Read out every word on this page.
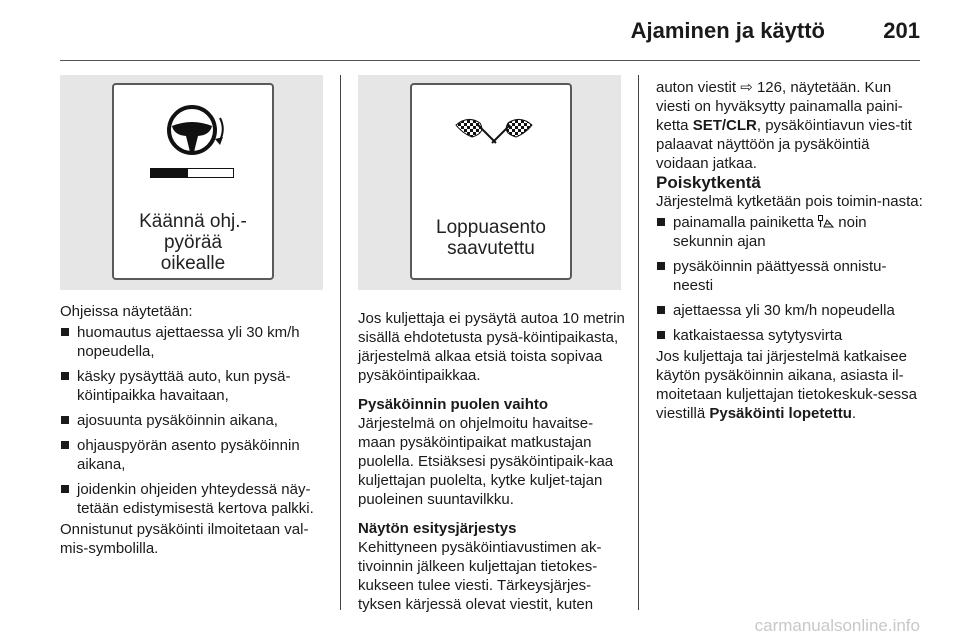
Ajaminen ja käyttö	201
Käännä ohj.-
pyörää
oikealle
Loppuasento
saavutettu

Ohjeissa näytetään:

huomautus ajettaessa yli 30 km/h nopeudella,
käsky pysäyttää auto, kun pysä-köintipaikka havaitaan,
ajosuunta pysäköinnin aikana,
ohjauspyörän asento pysäköinnin aikana,
joidenkin ohjeiden yhteydessä näy-tetään edistymisestä kertova palkki.

Onnistunut pysäköinti ilmoitetaan val-mis-symbolilla.

Jos kuljettaja ei pysäytä autoa 10 metrin sisällä ehdotetusta pysä-köintipaikasta, järjestelmä alkaa etsiä toista sopivaa pysäköintipaikkaa.

Pysäköinnin puolen vaihto

Järjestelmä on ohjelmoitu havaitse-maan pysäköintipaikat matkustajan puolella. Etsiäksesi pysäköintipaik-kaa kuljettajan puolelta, kytke kuljet-tajan puoleinen suuntavilkku.

Näytön esitysjärjestys

Kehittyneen pysäköintiavustimen ak-tivoinnin jälkeen kuljettajan tietokes-kukseen tulee viesti. Tärkeysjärjes-tyksen kärjessä olevat viestit, kuten

auton viestit ⇨ 126, näytetään. Kun viesti on hyväksytty painamalla paini-ketta SET/CLR, pysäköintiavun vies-tit palaavat näyttöön ja pysäköintiä voidaan jatkaa.

Poiskytkentä

Järjestelmä kytketään pois toimin-nasta:

painamalla painiketta noin sekunnin ajan
pysäköinnin päättyessä onnistu-neesti
ajettaessa yli 30 km/h nopeudella
katkaistaessa sytytysvirta

Jos kuljettaja tai järjestelmä katkaisee käytön pysäköinnin aikana, asiasta il-moitetaan kuljettajan tietokeskuk-sessa viestillä Pysäköinti lopetettu.

carmanualsonline.info
